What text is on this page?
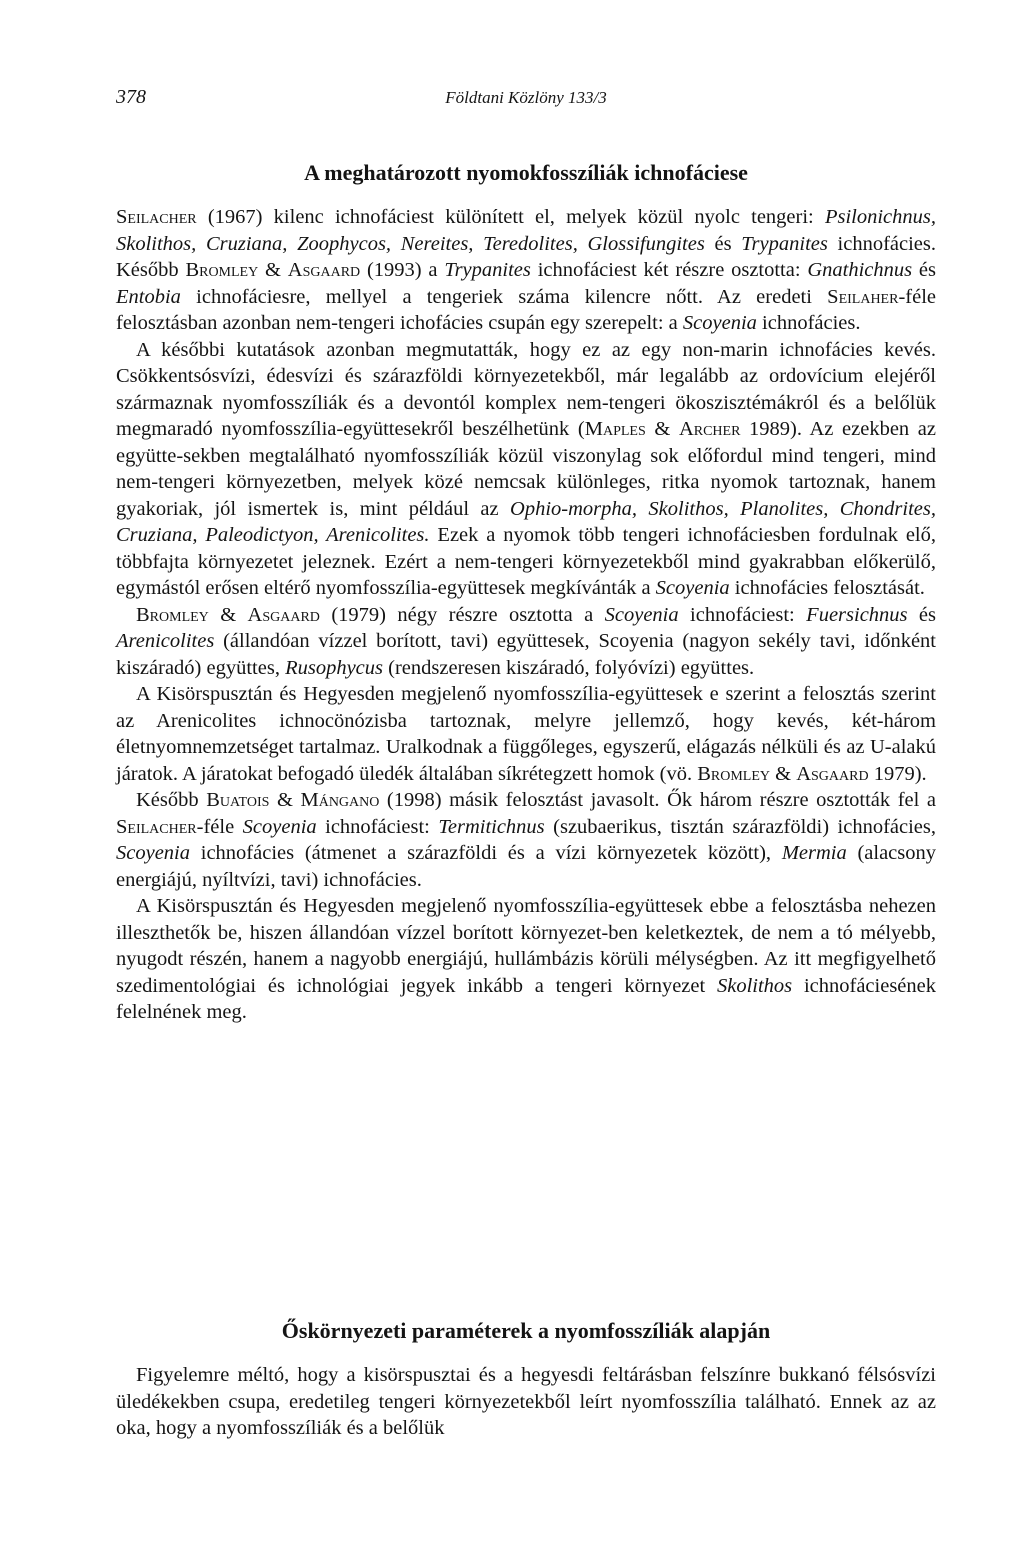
378	Földtani Közlöny 133/3
A meghatározott nyomokfosszíliák ichnofáciese

Seilacher (1967) kilenc ichnofáciest különített el, melyek közül nyolc tengeri: Psilonichnus, Skolithos, Cruziana, Zoophycos, Nereites, Teredolites, Glossifungites és Trypanites ichnofácies. Később Bromley & Asgaard (1993) a Trypanites ichnofáciest két részre osztotta: Gnathichnus és Entobia ichnofáciesre, mellyel a tengeriek száma kilencre nőtt. Az eredeti Seilaher-féle felosztásban azonban nem-tengeri ichofácies csupán egy szerepelt: a Scoyenia ichnofácies.

A későbbi kutatások azonban megmutatták, hogy ez az egy non-marin ichnofácies kevés. Csökkentsósvízi, édesvízi és szárazföldi környezetekből, már legalább az ordovícium elejéről származnak nyomfosszíliák és a devontól komplex nem-tengeri ökoszisztémákról és a belőlük megmaradó nyomfosszília-együttesekről beszélhetünk (Maples & Archer 1989). Az ezekben az együtte-sekben megtalálható nyomfosszíliák közül viszonylag sok előfordul mind tengeri, mind nem-tengeri környezetben, melyek közé nemcsak különleges, ritka nyomok tartoznak, hanem gyakoriak, jól ismertek is, mint például az Ophio-morpha, Skolithos, Planolites, Chondrites, Cruziana, Paleodictyon, Arenicolites. Ezek a nyomok több tengeri ichnofáciesben fordulnak elő, többfajta környezetet jeleznek. Ezért a nem-tengeri környezetekből mind gyakrabban előkerülő, egymástól erősen eltérő nyomfosszília-együttesek megkívánták a Scoyenia ichnofácies felosztását.

Bromley & Asgaard (1979) négy részre osztotta a Scoyenia ichnofáciest: Fuersichnus és Arenicolites (állandóan vízzel borított, tavi) együttesek, Scoyenia (nagyon sekély tavi, időnként kiszáradó) együttes, Rusophycus (rendszeresen kiszáradó, folyóvízi) együttes.

A Kisörspusztán és Hegyesden megjelenő nyomfosszília-együttesek e szerint a felosztás szerint az Arenicolites ichnocönózisba tartoznak, melyre jellemző, hogy kevés, két-három életnyomnemzetséget tartalmaz. Uralkodnak a függőleges, egyszerű, elágazás nélküli és az U-alakú járatok. A járatokat befogadó üledék általában síkrétegzett homok (vö. Bromley & Asgaard 1979).

Később Buatois & Mángano (1998) másik felosztást javasolt. Ők három részre osztották fel a Seilacher-féle Scoyenia ichnofáciest: Termitichnus (szubaerikus, tisztán szárazföldi) ichnofácies, Scoyenia ichnofácies (átmenet a szárazföldi és a vízi környezetek között), Mermia (alacsony energiájú, nyíltvízi, tavi) ichnofácies.

A Kisörspusztán és Hegyesden megjelenő nyomfosszília-együttesek ebbe a felosztásba nehezen illeszthetők be, hiszen állandóan vízzel borított környezet-ben keletkeztek, de nem a tó mélyebb, nyugodt részén, hanem a nagyobb energiájú, hullámbázis körüli mélységben. Az itt megfigyelhető szedimentológiai és ichnológiai jegyek inkább a tengeri környezet Skolithos ichnofáciesének felelnének meg.

Őskörnyezeti paraméterek a nyomfosszíliák alapján

Figyelemre méltó, hogy a kisörspusztai és a hegyesdi feltárásban felszínre bukkanó félsósvízi üledékekben csupa, eredetileg tengeri környezetekből leírt nyomfosszília található. Ennek az az oka, hogy a nyomfosszíliák és a belőlük
